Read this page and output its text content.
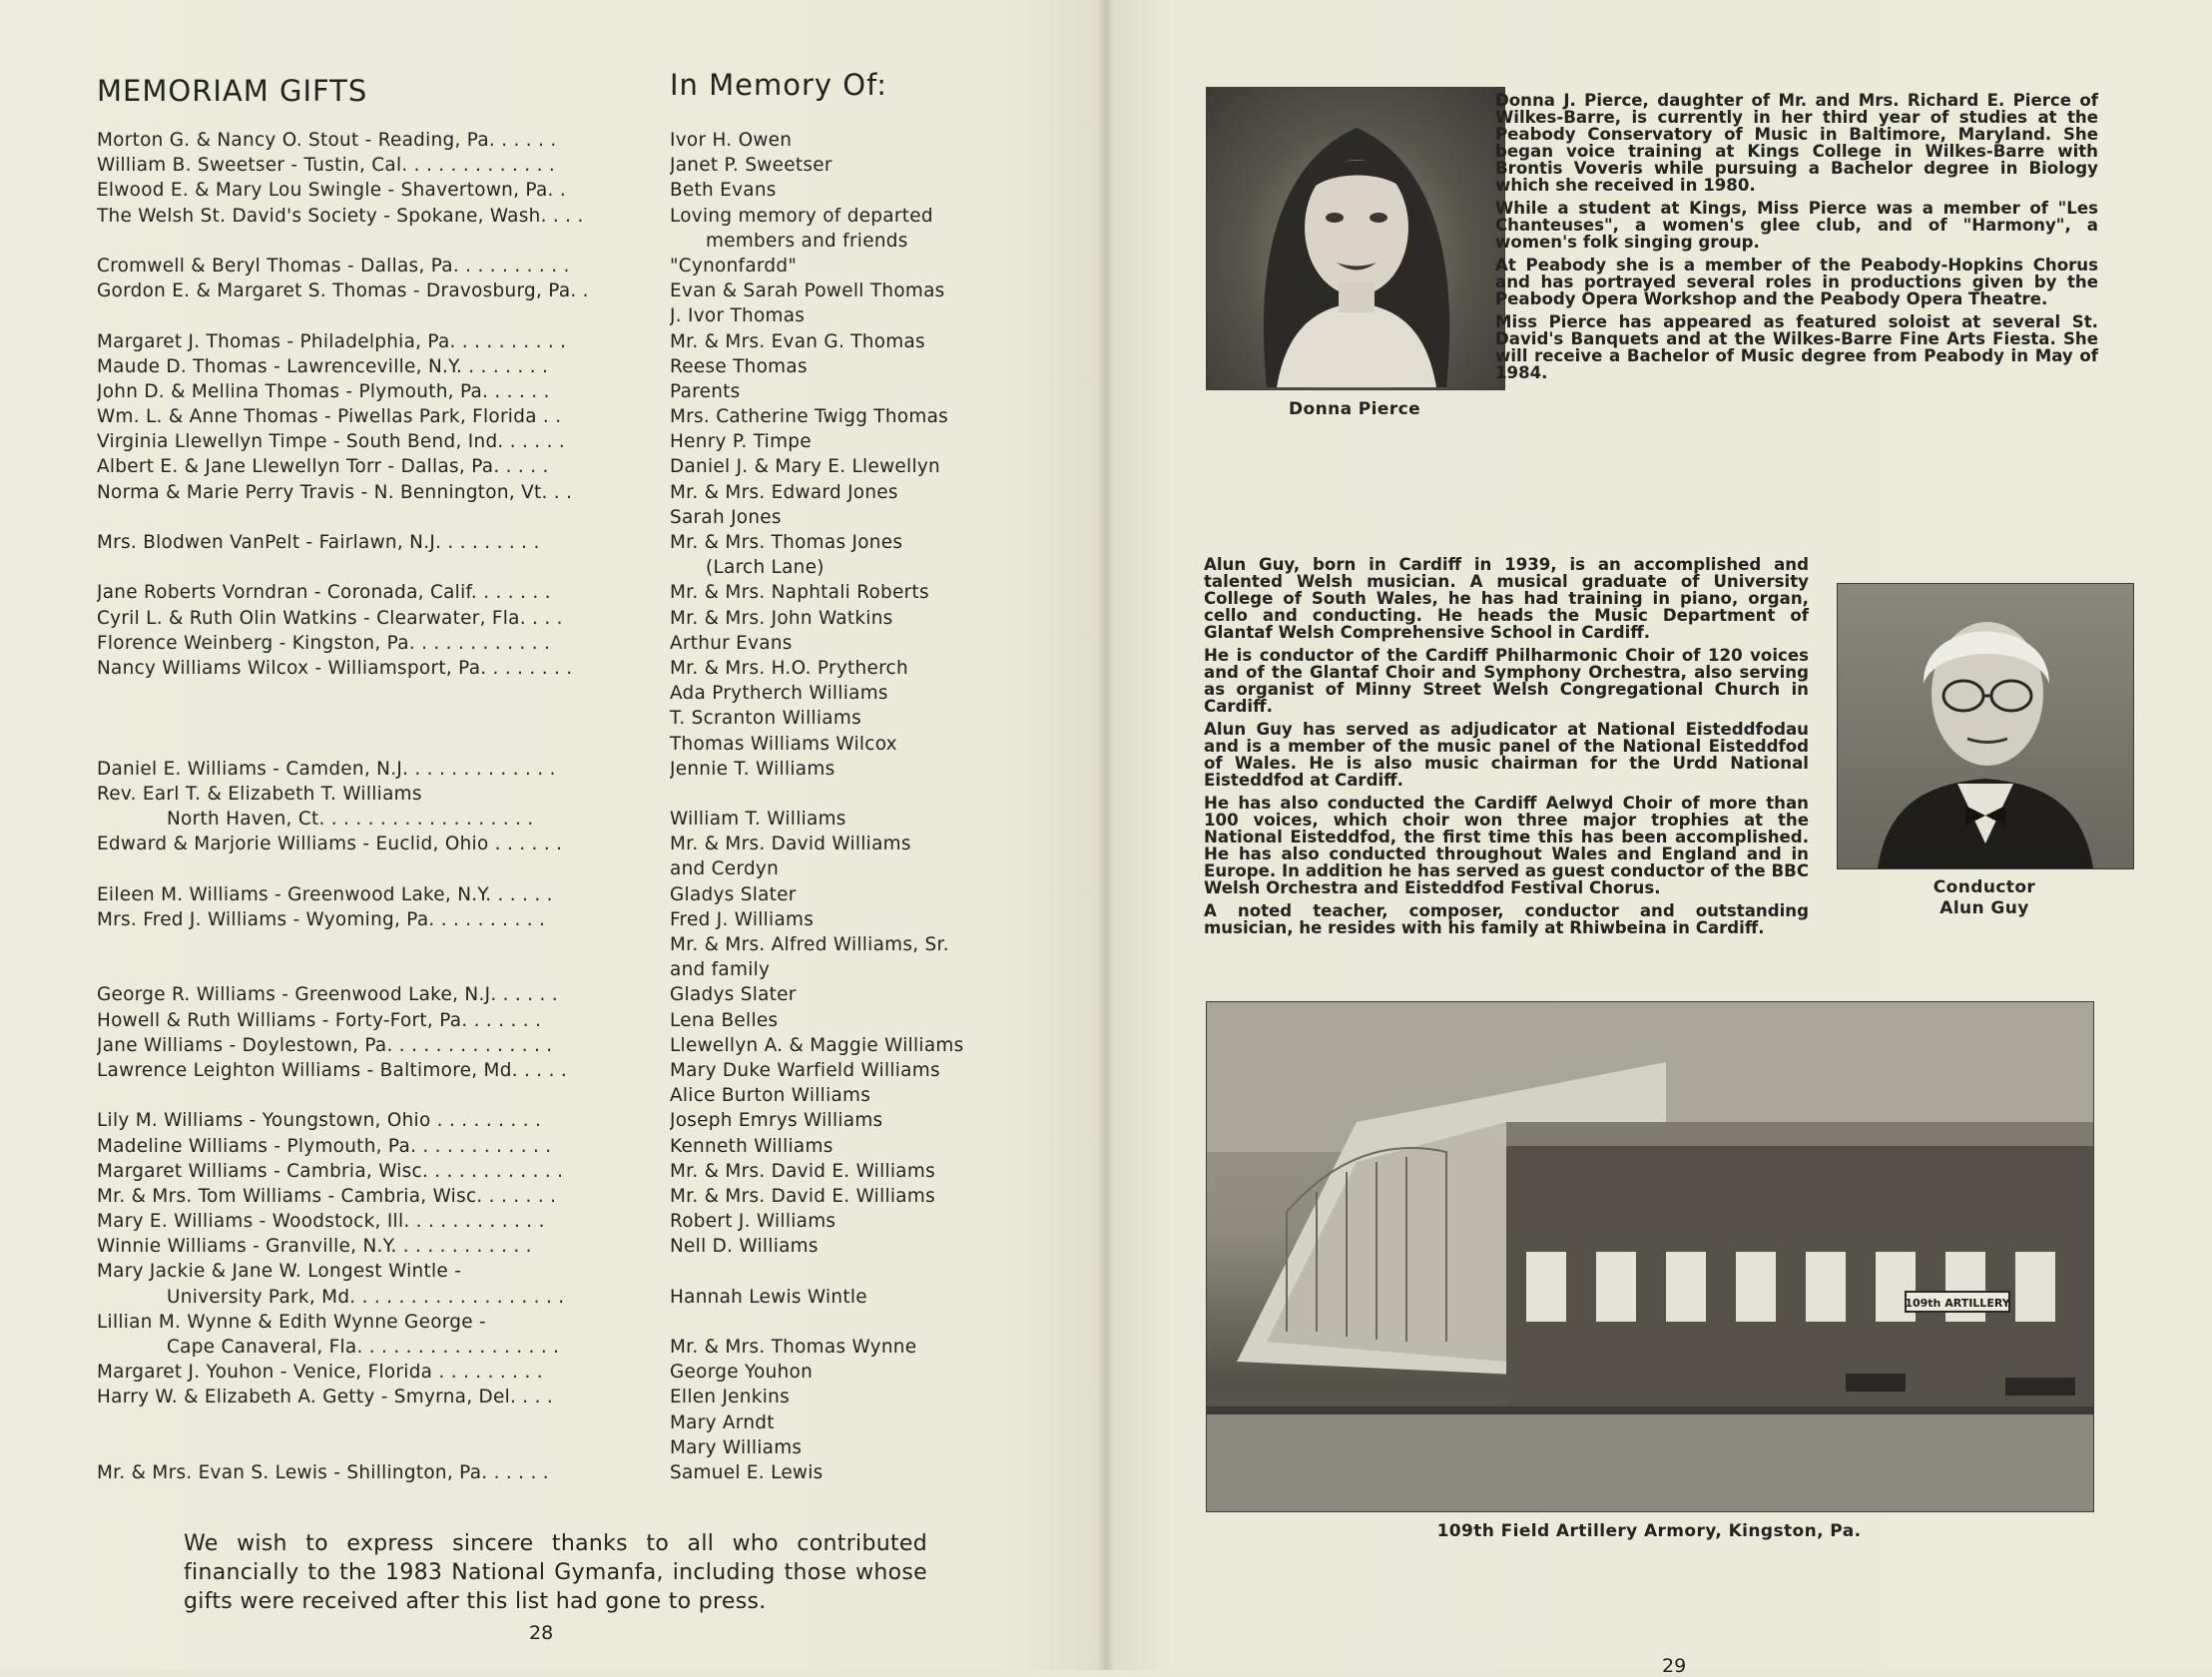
MEMORIAM GIFTS	In Memory Of:
Morton G. & Nancy O. Stout - Reading, Pa. . . . . .
William B. Sweetser - Tustin, Cal. . . . . . . . . . . . .
Elwood E. & Mary Lou Swingle - Shavertown, Pa. .
The Welsh St. David's Society - Spokane, Wash. . . .
Cromwell & Beryl Thomas - Dallas, Pa. . . . . . . . . .
Gordon E. & Margaret S. Thomas - Dravosburg, Pa. .
Margaret J. Thomas - Philadelphia, Pa. . . . . . . . . .
Maude D. Thomas - Lawrenceville, N.Y. . . . . . . .
John D. & Mellina Thomas - Plymouth, Pa. . . . . .
Wm. L. & Anne Thomas - Piwellas Park, Florida . .
Virginia Llewellyn Timpe - South Bend, Ind. . . . . .
Albert E. & Jane Llewellyn Torr - Dallas, Pa. . . . .
Norma & Marie Perry Travis - N. Bennington, Vt. . .
Mrs. Blodwen VanPelt - Fairlawn, N.J. . . . . . . . .
Jane Roberts Vorndran - Coronada, Calif. . . . . . .
Cyril L. & Ruth Olin Watkins - Clearwater, Fla. . . .
Florence Weinberg - Kingston, Pa. . . . . . . . . . . .
Nancy Williams Wilcox - Williamsport, Pa. . . . . . . .
Daniel E. Williams - Camden, N.J. . . . . . . . . . . . .
Rev. Earl T. & Elizabeth T. Williams
North Haven, Ct. . . . . . . . . . . . . . . . . .
Edward & Marjorie Williams - Euclid, Ohio . . . . . .
Eileen M. Williams - Greenwood Lake, N.Y. . . . . .
Mrs. Fred J. Williams - Wyoming, Pa. . . . . . . . . .
George R. Williams - Greenwood Lake, N.J. . . . . .
Howell & Ruth Williams - Forty-Fort, Pa. . . . . . .
Jane Williams - Doylestown, Pa. . . . . . . . . . . . . .
Lawrence Leighton Williams - Baltimore, Md. . . . .
Lily M. Williams - Youngstown, Ohio . . . . . . . . .
Madeline Williams - Plymouth, Pa. . . . . . . . . . . .
Margaret Williams - Cambria, Wisc. . . . . . . . . . . .
Mr. & Mrs. Tom Williams - Cambria, Wisc. . . . . . .
Mary E. Williams - Woodstock, Ill. . . . . . . . . . . .
Winnie Williams - Granville, N.Y. . . . . . . . . . . .
Mary Jackie & Jane W. Longest Wintle -
University Park, Md. . . . . . . . . . . . . . . . . .
Lillian M. Wynne & Edith Wynne George -
Cape Canaveral, Fla. . . . . . . . . . . . . . . . .
Margaret J. Youhon - Venice, Florida . . . . . . . . .
Harry W. & Elizabeth A. Getty - Smyrna, Del. . . .
Mr. & Mrs. Evan S. Lewis - Shillington, Pa. . . . . .
Ivor H. Owen
Janet P. Sweetser
Beth Evans
Loving memory of departed
members and friends
"Cynonfardd"
Evan & Sarah Powell Thomas
J. Ivor Thomas
Mr. & Mrs. Evan G. Thomas
Reese Thomas
Parents
Mrs. Catherine Twigg Thomas
Henry P. Timpe
Daniel J. & Mary E. Llewellyn
Mr. & Mrs. Edward Jones
Sarah Jones
Mr. & Mrs. Thomas Jones
(Larch Lane)
Mr. & Mrs. Naphtali Roberts
Mr. & Mrs. John Watkins
Arthur Evans
Mr. & Mrs. H.O. Prytherch
Ada Prytherch Williams
T. Scranton Williams
Thomas Williams Wilcox
Jennie T. Williams
William T. Williams
Mr. & Mrs. David Williams
and Cerdyn
Gladys Slater
Fred J. Williams
Mr. & Mrs. Alfred Williams, Sr.
and family
Gladys Slater
Lena Belles
Llewellyn A. & Maggie Williams
Mary Duke Warfield Williams
Alice Burton Williams
Joseph Emrys Williams
Kenneth Williams
Mr. & Mrs. David E. Williams
Mr. & Mrs. David E. Williams
Robert J. Williams
Nell D. Williams
Hannah Lewis Wintle
Mr. & Mrs. Thomas Wynne
George Youhon
Ellen Jenkins
Mary Arndt
Mary Williams
Samuel E. Lewis

We wish to express sincere thanks to all who contributed financially to the 1983 National Gymanfa, including those whose gifts were received after this list had gone to press.

28

Donna Pierce

Donna J. Pierce, daughter of Mr. and Mrs. Richard E. Pierce of Wilkes-Barre, is currently in her third year of studies at the Peabody Conservatory of Music in Baltimore, Maryland. She began voice training at Kings College in Wilkes-Barre with Brontis Voveris while pursuing a Bachelor degree in Biology which she received in 1980.

While a student at Kings, Miss Pierce was a member of "Les Chanteuses", a women's glee club, and of "Harmony", a women's folk singing group.

At Peabody she is a member of the Peabody-Hopkins Chorus and has portrayed several roles in productions given by the Peabody Opera Workshop and the Peabody Opera Theatre.

Miss Pierce has appeared as featured soloist at several St. David's Banquets and at the Wilkes-Barre Fine Arts Fiesta. She will receive a Bachelor of Music degree from Peabody in May of 1984.

Alun Guy, born in Cardiff in 1939, is an accomplished and talented Welsh musician. A musical graduate of University College of South Wales, he has had training in piano, organ, cello and conducting. He heads the Music Department of Glantaf Welsh Comprehensive School in Cardiff.

He is conductor of the Cardiff Philharmonic Choir of 120 voices and of the Glantaf Choir and Symphony Orchestra, also serving as organist of Minny Street Welsh Congregational Church in Cardiff.

Alun Guy has served as adjudicator at National Eisteddfodau and is a member of the music panel of the National Eisteddfod of Wales. He is also music chairman for the Urdd National Eisteddfod at Cardiff.

He has also conducted the Cardiff Aelwyd Choir of more than 100 voices, which choir won three major trophies at the National Eisteddfod, the first time this has been accomplished. He has also conducted throughout Wales and England and in Europe. In addition he has served as guest conductor of the BBC Welsh Orchestra and Eisteddfod Festival Chorus.

A noted teacher, composer, conductor and outstanding musician, he resides with his family at Rhiwbeina in Cardiff.

Conductor
Alun Guy

109th ARTILLERY

109th Field Artillery Armory, Kingston, Pa.

29
